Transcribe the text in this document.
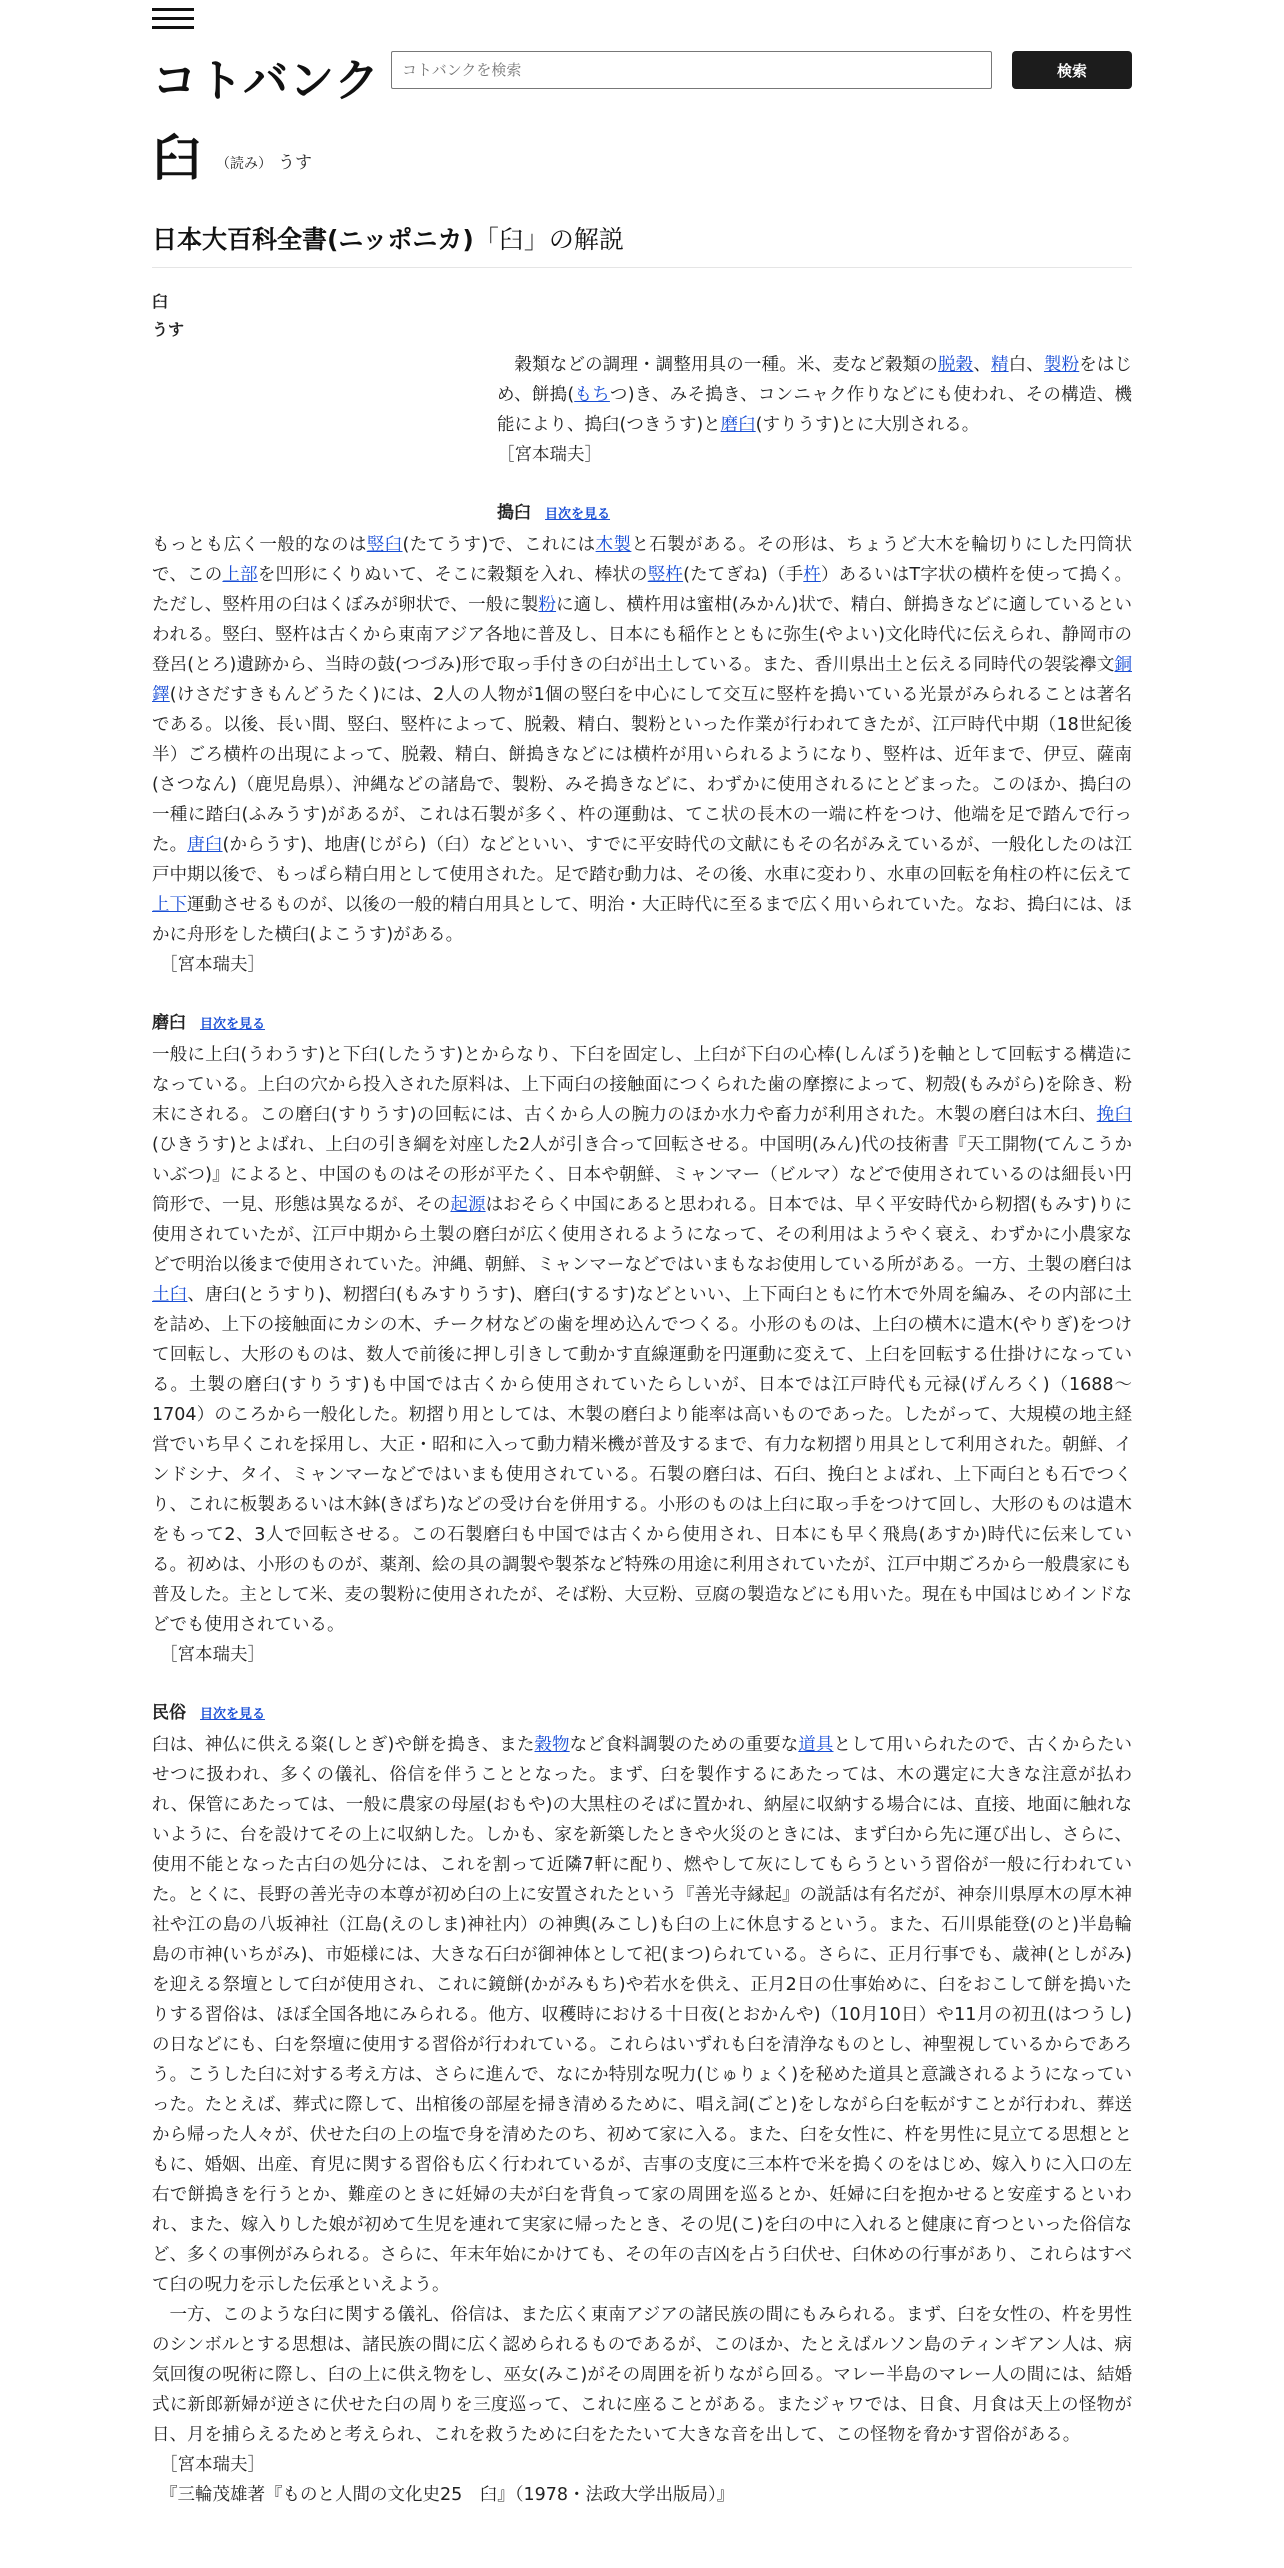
コトバンク
コトバンクを検索	検索
臼 （読み） うす
日本大百科全書(ニッポニカ)「臼」の解説
臼
うす

穀類などの調理・調整用具の一種。米、麦など穀類の脱穀、精白、製粉をはじめ、餅搗(もちつ)き、みそ搗き、コンニャク作りなどにも使われ、その構造、機能により、搗臼(つきうす)と磨臼(すりうす)とに大別される。

［宮本瑞夫］

搗臼 目次を見る

もっとも広く一般的なのは竪臼(たてうす)で、これには木製と石製がある。その形は、ちょうど大木を輪切りにした円筒状で、この上部を凹形にくりぬいて、そこに穀類を入れ、棒状の竪杵(たてぎね)（手杵）あるいはT字状の横杵を使って搗く。ただし、竪杵用の臼はくぼみが卵状で、一般に製粉に適し、横杵用は蜜柑(みかん)状で、精白、餅搗きなどに適しているといわれる。竪臼、竪杵は古くから東南アジア各地に普及し、日本にも稲作とともに弥生(やよい)文化時代に伝えられ、静岡市の登呂(とろ)遺跡から、当時の鼓(つづみ)形で取っ手付きの臼が出土している。また、香川県出土と伝える同時代の袈裟襷文銅鐸(けさだすきもんどうたく)には、2人の人物が1個の竪臼を中心にして交互に竪杵を搗いている光景がみられることは著名である。以後、長い間、竪臼、竪杵によって、脱穀、精白、製粉といった作業が行われてきたが、江戸時代中期（18世紀後半）ごろ横杵の出現によって、脱穀、精白、餅搗きなどには横杵が用いられるようになり、竪杵は、近年まで、伊豆、薩南(さつなん)（鹿児島県）、沖縄などの諸島で、製粉、みそ搗きなどに、わずかに使用されるにとどまった。このほか、搗臼の一種に踏臼(ふみうす)があるが、これは石製が多く、杵の運動は、てこ状の長木の一端に杵をつけ、他端を足で踏んで行った。唐臼(からうす)、地唐(じがら)（臼）などといい、すでに平安時代の文献にもその名がみえているが、一般化したのは江戸中期以後で、もっぱら精白用として使用された。足で踏む動力は、その後、水車に変わり、水車の回転を角柱の杵に伝えて上下運動させるものが、以後の一般的精白用具として、明治・大正時代に至るまで広く用いられていた。なお、搗臼には、ほかに舟形をした横臼(よこうす)がある。

［宮本瑞夫］

磨臼 目次を見る

一般に上臼(うわうす)と下臼(したうす)とからなり、下臼を固定し、上臼が下臼の心棒(しんぼう)を軸として回転する構造になっている。上臼の穴から投入された原料は、上下両臼の接触面につくられた歯の摩擦によって、籾殻(もみがら)を除き、粉末にされる。この磨臼(すりうす)の回転には、古くから人の腕力のほか水力や畜力が利用された。木製の磨臼は木臼、挽臼(ひきうす)とよばれ、上臼の引き綱を対座した2人が引き合って回転させる。中国明(みん)代の技術書『天工開物(てんこうかいぶつ)』によると、中国のものはその形が平たく、日本や朝鮮、ミャンマー（ビルマ）などで使用されているのは細長い円筒形で、一見、形態は異なるが、その起源はおそらく中国にあると思われる。日本では、早く平安時代から籾摺(もみす)りに使用されていたが、江戸中期から土製の磨臼が広く使用されるようになって、その利用はようやく衰え、わずかに小農家などで明治以後まで使用されていた。沖縄、朝鮮、ミャンマーなどではいまもなお使用している所がある。一方、土製の磨臼は土臼、唐臼(とうすり)、籾摺臼(もみすりうす)、磨臼(するす)などといい、上下両臼ともに竹木で外周を編み、その内部に土を詰め、上下の接触面にカシの木、チーク材などの歯を埋め込んでつくる。小形のものは、上臼の横木に遣木(やりぎ)をつけて回転し、大形のものは、数人で前後に押し引きして動かす直線運動を円運動に変えて、上臼を回転する仕掛けになっている。土製の磨臼(すりうす)も中国では古くから使用されていたらしいが、日本では江戸時代も元禄(げんろく)（1688～1704）のころから一般化した。籾摺り用としては、木製の磨臼より能率は高いものであった。したがって、大規模の地主経営でいち早くこれを採用し、大正・昭和に入って動力精米機が普及するまで、有力な籾摺り用具として利用された。朝鮮、インドシナ、タイ、ミャンマーなどではいまも使用されている。石製の磨臼は、石臼、挽臼とよばれ、上下両臼とも石でつくり、これに板製あるいは木鉢(きばち)などの受け台を併用する。小形のものは上臼に取っ手をつけて回し、大形のものは遣木をもって2、3人で回転させる。この石製磨臼も中国では古くから使用され、日本にも早く飛鳥(あすか)時代に伝来している。初めは、小形のものが、薬剤、絵の具の調製や製茶など特殊の用途に利用されていたが、江戸中期ごろから一般農家にも普及した。主として米、麦の製粉に使用されたが、そば粉、大豆粉、豆腐の製造などにも用いた。現在も中国はじめインドなどでも使用されている。

［宮本瑞夫］

民俗 目次を見る

臼は、神仏に供える粢(しとぎ)や餅を搗き、また穀物など食料調製のための重要な道具として用いられたので、古くからたいせつに扱われ、多くの儀礼、俗信を伴うこととなった。まず、臼を製作するにあたっては、木の選定に大きな注意が払われ、保管にあたっては、一般に農家の母屋(おもや)の大黒柱のそばに置かれ、納屋に収納する場合には、直接、地面に触れないように、台を設けてその上に収納した。しかも、家を新築したときや火災のときには、まず臼から先に運び出し、さらに、使用不能となった古臼の処分には、これを割って近隣7軒に配り、燃やして灰にしてもらうという習俗が一般に行われていた。とくに、長野の善光寺の本尊が初め臼の上に安置されたという『善光寺縁起』の説話は有名だが、神奈川県厚木の厚木神社や江の島の八坂神社（江島(えのしま)神社内）の神輿(みこし)も臼の上に休息するという。また、石川県能登(のと)半島輪島の市神(いちがみ)、市姫様には、大きな石臼が御神体として祀(まつ)られている。さらに、正月行事でも、歳神(としがみ)を迎える祭壇として臼が使用され、これに鏡餅(かがみもち)や若水を供え、正月2日の仕事始めに、臼をおこして餅を搗いたりする習俗は、ほぼ全国各地にみられる。他方、収穫時における十日夜(とおかんや)（10月10日）や11月の初丑(はつうし)の日などにも、臼を祭壇に使用する習俗が行われている。これらはいずれも臼を清浄なものとし、神聖視しているからであろう。こうした臼に対する考え方は、さらに進んで、なにか特別な呪力(じゅりょく)を秘めた道具と意識されるようになっていった。たとえば、葬式に際して、出棺後の部屋を掃き清めるために、唱え詞(ごと)をしながら臼を転がすことが行われ、葬送から帰った人々が、伏せた臼の上の塩で身を清めたのち、初めて家に入る。また、臼を女性に、杵を男性に見立てる思想とともに、婚姻、出産、育児に関する習俗も広く行われているが、吉事の支度に三本杵で米を搗くのをはじめ、嫁入りに入口の左右で餅搗きを行うとか、難産のときに妊婦の夫が臼を背負って家の周囲を巡るとか、妊婦に臼を抱かせると安産するといわれ、また、嫁入りした娘が初めて生児を連れて実家に帰ったとき、その児(こ)を臼の中に入れると健康に育つといった俗信など、多くの事例がみられる。さらに、年末年始にかけても、その年の吉凶を占う臼伏せ、臼休めの行事があり、これらはすべて臼の呪力を示した伝承といえよう。

一方、このような臼に関する儀礼、俗信は、また広く東南アジアの諸民族の間にもみられる。まず、臼を女性の、杵を男性のシンボルとする思想は、諸民族の間に広く認められるものであるが、このほか、たとえばルソン島のティンギアン人は、病気回復の呪術に際し、臼の上に供え物をし、巫女(みこ)がその周囲を祈りながら回る。マレー半島のマレー人の間には、結婚式に新郎新婦が逆さに伏せた臼の周りを三度巡って、これに座ることがある。またジャワでは、日食、月食は天上の怪物が日、月を捕らえるためと考えられ、これを救うために臼をたたいて大きな音を出して、この怪物を脅かす習俗がある。

［宮本瑞夫］

『三輪茂雄著『ものと人間の文化史25　臼』（1978・法政大学出版局）』
